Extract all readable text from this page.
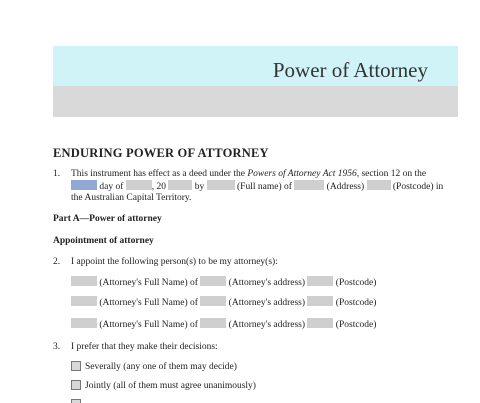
Power of Attorney
ENDURING POWER OF ATTORNEY
1. This instrument has effect as a deed under the Powers of Attorney Act 1956, section 12 on the
day of	, 20	by	(Full name) of	(Address)	(Postcode) in
the Australian Capital Territory.
Part A—Power of attorney
Appointment of attorney
2. I appoint the following person(s) to be my attorney(s):
(Attorney's Full Name) of	(Attorney's address)	(Postcode)
(Attorney's Full Name) of	(Attorney's address)	(Postcode)
(Attorney's Full Name) of	(Attorney's address)	(Postcode)
3. I prefer that they make their decisions:
Severally (any one of them may decide)
Jointly (all of them must agree unanimously)
